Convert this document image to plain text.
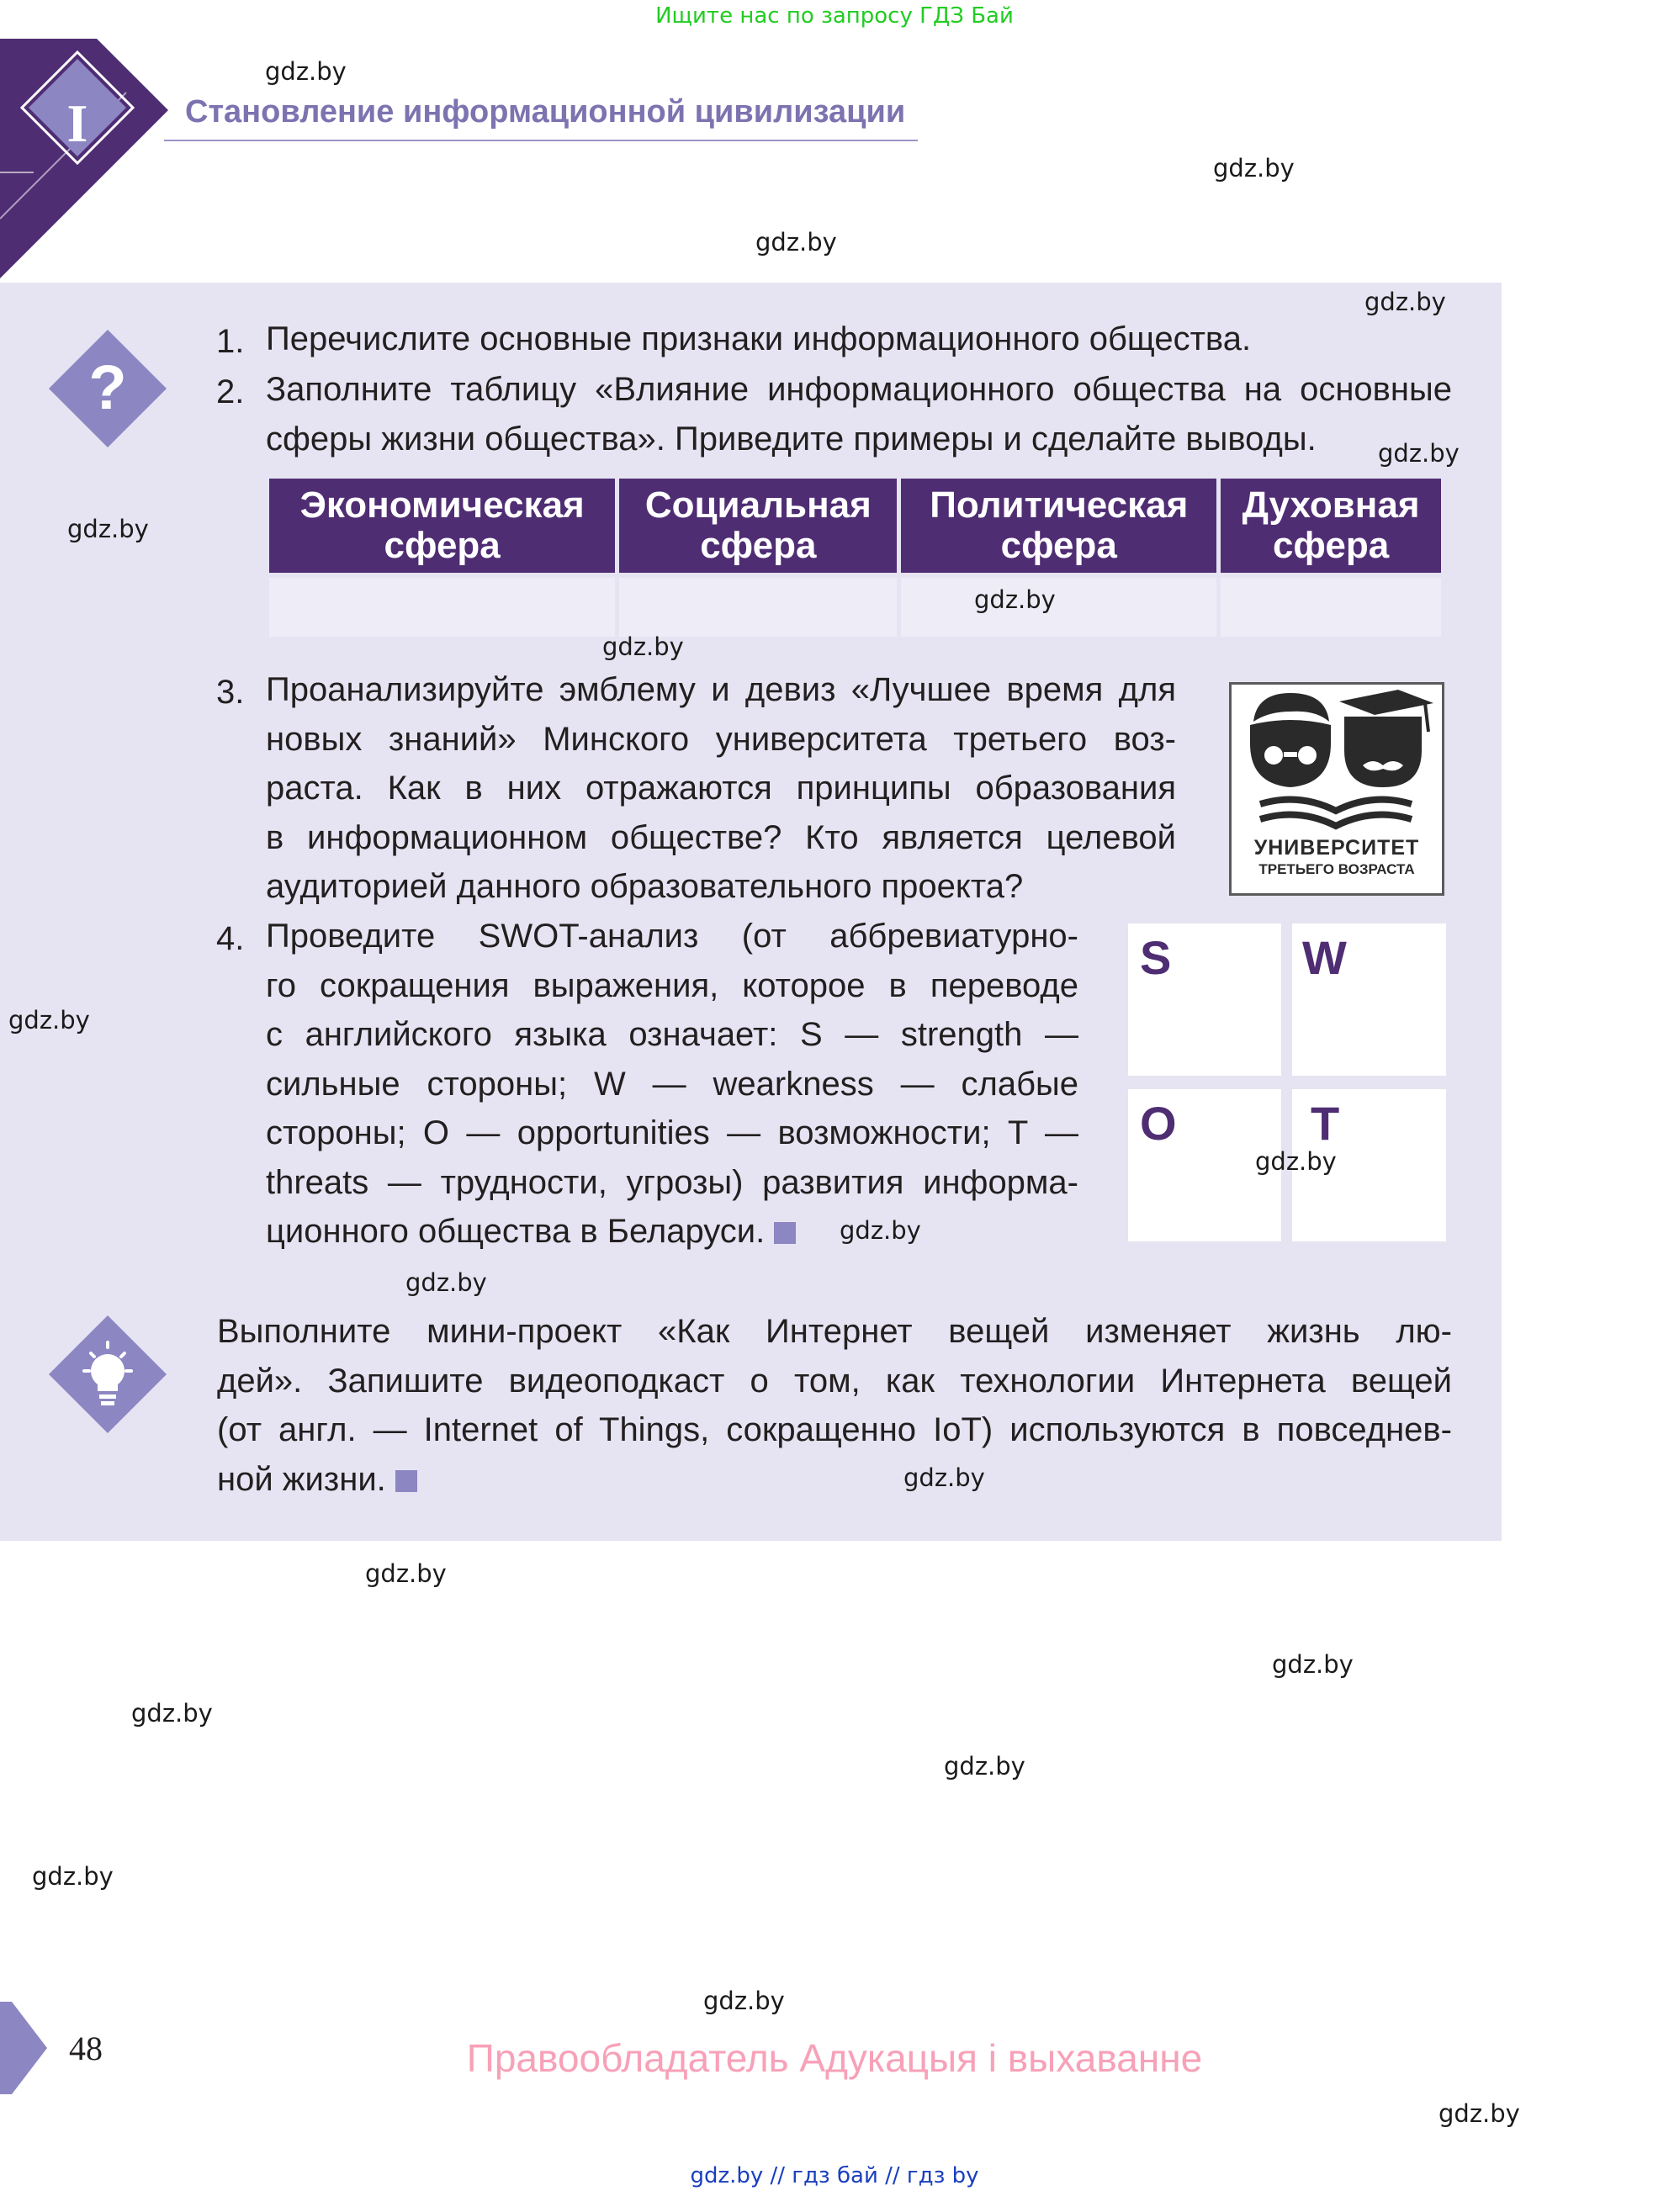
Ищите нас по запросу ГДЗ Бай
I	Становление информационной цивилизации
?
1. Перечислите основные признаки информационного общества.
2. Заполните таблицу «Влияние информационного общества на основные
сферы жизни общества». Приведите примеры и сделайте выводы.
Экономическая
сфера	Социальная
сфера	Политическая
сфера	Духовная
сфера

3. Проанализируйте эмблему и девиз «Лучшее время для
новых знаний» Минского университета третьего воз-
раста. Как в них отражаются принципы образования
в информационном обществе? Кто является целевой
аудиторией данного образовательного проекта?
УНИВЕРСИТЕТ
ТРЕТЬЕГО ВОЗРАСТА
4. Проведите SWOT-анализ (от аббревиатурно-
го сокращения выражения, которое в переводе
с английского языка означает: S — strength —
сильные стороны; W — wearkness — слабые
стороны; O — opportunities — возможности; T —
threats — трудности, угрозы) развития информа-
ционного общества в Беларуси.
S	W
O	T
Выполните мини-проект «Как Интернет вещей изменяет жизнь лю-
дей». Запишите видеоподкаст о том, как технологии Интернета вещей
(от англ. — Internet of Things, сокращенно IoT) используются в повседнев-
ной жизни.
gdz.by
gdz.by
gdz.by
gdz.by
gdz.by
gdz.by
gdz.by
gdz.by
gdz.by
gdz.by
gdz.by
gdz.by
gdz.by
gdz.by
gdz.by
gdz.by
gdz.by
gdz.by
gdz.by
gdz.by
48	Правообладатель Адукацыя і выхаванне
gdz.by // гдз бай // гдз by
